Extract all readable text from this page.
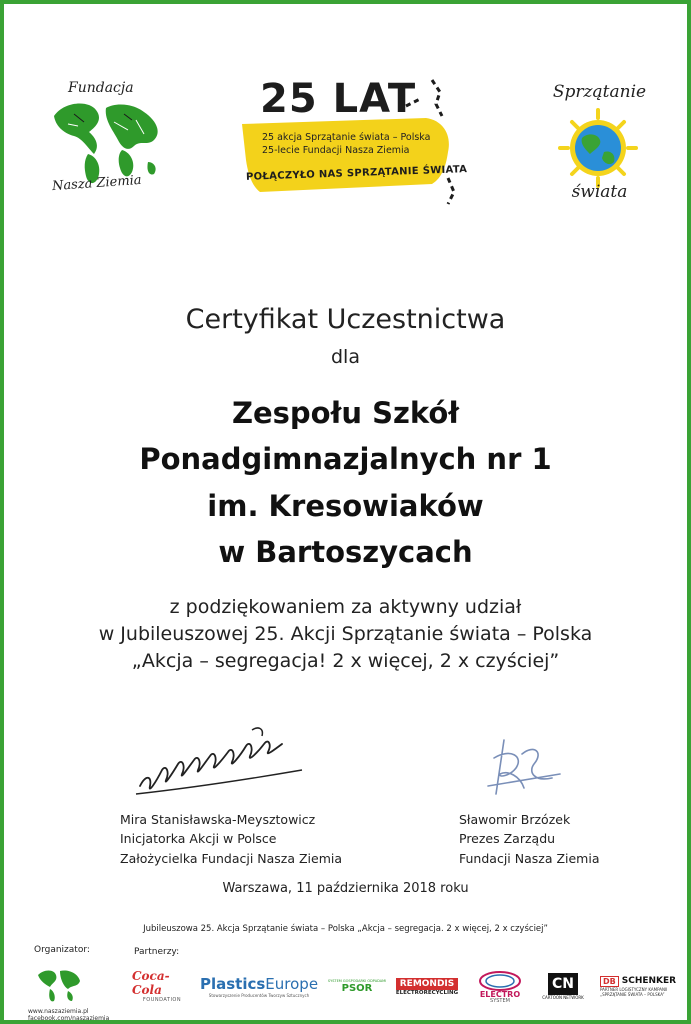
Fundacja
Nasza Ziemia
25 LAT
25 akcja Sprzątanie świata – Polska
25-lecie Fundacji Nasza Ziemia
POŁĄCZYŁO NAS SPRZĄTANIE ŚWIATA
Sprzątanie
świata
Certyfikat Uczestnictwa
dla
Zespołu Szkół
Ponadgimnazjalnych nr 1
im. Kresowiaków
w Bartoszycach
z podziękowaniem za aktywny udział
w Jubileuszowej 25. Akcji Sprzątanie świata – Polska
„Akcja – segregacja! 2 x więcej, 2 x czyściej”
Mira Stanisławska-Meysztowicz
Inicjatorka Akcji w Polsce
Założycielka Fundacji Nasza Ziemia
Sławomir Brzózek
Prezes Zarządu
Fundacji Nasza Ziemia
Warszawa, 11 października 2018 roku
Jubileuszowa 25. Akcja Sprzątanie świata – Polska „Akcja – segregacja. 2 x więcej, 2 x czyściej”
Organizator:	Partnerzy:
www.naszaziemia.pl
facebook.com/naszaziemia
Coca-Cola
FOUNDATION
PlasticsEurope
Stowarzyszenie Producentów Tworzyw Sztucznych
SYSTEM GOSPODARKI ODPADAMI
PSOR	REMONDIS
ELECTRORECYCLING	ELECTRO
SYSTEM
CN
CARTOON NETWORK
DB SCHENKER
PARTNER LOGISTYCZNY KAMPANII
„SPRZĄTANIE ŚWIATA – POLSKA”
